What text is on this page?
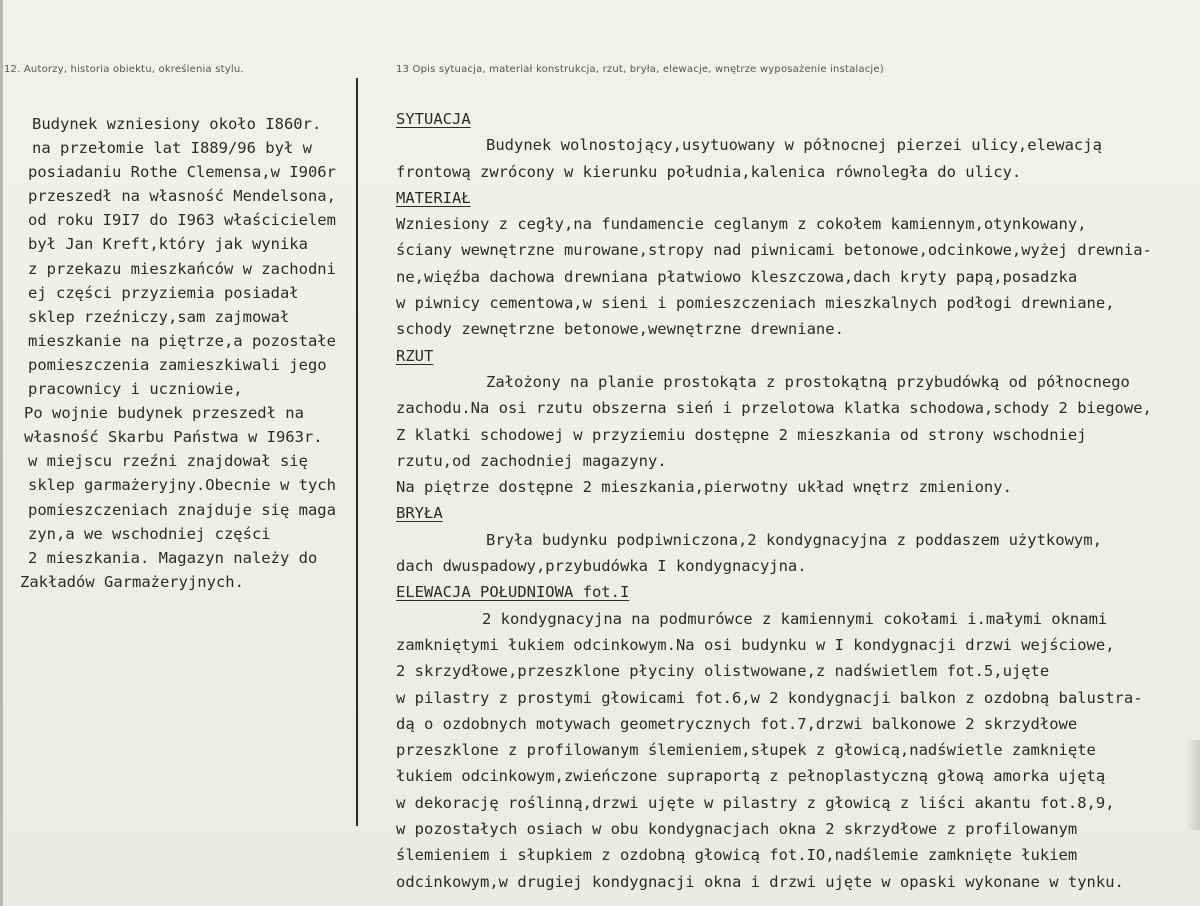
12. Autorzy, historia obiektu, określenia stylu.	13 Opis sytuacja, materiał konstrukcja, rzut, bryła, elewacje, wnętrze wyposażenie instalacje)
Budynek wzniesiony około I860r.
na przełomie lat I889/96 był w
posiadaniu Rothe Clemensa,w I906r
przeszedł na własność Mendelsona,
od roku I9I7 do I963 właścicielem
był Jan Kreft,który jak wynika
z przekazu mieszkańców w zachodni
ej części przyziemia posiadał
sklep rzeźniczy,sam zajmował
mieszkanie na piętrze,a pozostałe
pomieszczenia zamieszkiwali jego
pracownicy i uczniowie,
Po wojnie budynek przeszedł na
własność Skarbu Państwa w I963r.
w miejscu rzeźni znajdował się
sklep garmażeryjny.Obecnie w tych
pomieszczeniach znajduje się maga
zyn,a we wschodniej części
2 mieszkania. Magazyn należy do
Zakładów Garmażeryjnych.
SYTUACJA
Budynek wolnostojący,usytuowany w północnej pierzei ulicy,elewacją
frontową zwrócony w kierunku południa,kalenica równoległa do ulicy.
MATERIAŁ
Wzniesiony z cegły,na fundamencie ceglanym z cokołem kamiennym,otynkowany,
ściany wewnętrzne murowane,stropy nad piwnicami betonowe,odcinkowe,wyżej drewnia-
ne,więźba dachowa drewniana płatwiowo kleszczowa,dach kryty papą,posadzka
w piwnicy cementowa,w sieni i pomieszczeniach mieszkalnych podłogi drewniane,
schody zewnętrzne betonowe,wewnętrzne drewniane.
RZUT
Założony na planie prostokąta z prostokątną przybudówką od północnego
zachodu.Na osi rzutu obszerna sień i przelotowa klatka schodowa,schody 2 biegowe,
Z klatki schodowej w przyziemiu dostępne 2 mieszkania od strony wschodniej
rzutu,od zachodniej magazyny.
Na piętrze dostępne 2 mieszkania,pierwotny układ wnętrz zmieniony.
BRYŁA
Bryła budynku podpiwniczona,2 kondygnacyjna z poddaszem użytkowym,
dach dwuspadowy,przybudówka I kondygnacyjna.
ELEWACJA POŁUDNIOWA fot.I
2 kondygnacyjna na podmurówce z kamiennymi cokołami i.małymi oknami
zamkniętymi łukiem odcinkowym.Na osi budynku w I kondygnacji drzwi wejściowe,
2 skrzydłowe,przeszklone płyciny olistwowane,z nadświetlem fot.5,ujęte
w pilastry z prostymi głowicami fot.6,w 2 kondygnacji balkon z ozdobną balustra-
dą o ozdobnych motywach geometrycznych fot.7,drzwi balkonowe 2 skrzydłowe
przeszklone z profilowanym ślemieniem,słupek z głowicą,nadświetle zamknięte
łukiem odcinkowym,zwieńczone supraportą z pełnoplastyczną głową amorka ujętą
w dekorację roślinną,drzwi ujęte w pilastry z głowicą z liści akantu fot.8,9,
w pozostałych osiach w obu kondygnacjach okna 2 skrzydłowe z profilowanym
ślemieniem i słupkiem z ozdobną głowicą fot.IO,nadślemie zamknięte łukiem
odcinkowym,w drugiej kondygnacji okna i drzwi ujęte w opaski wykonane w tynku.
